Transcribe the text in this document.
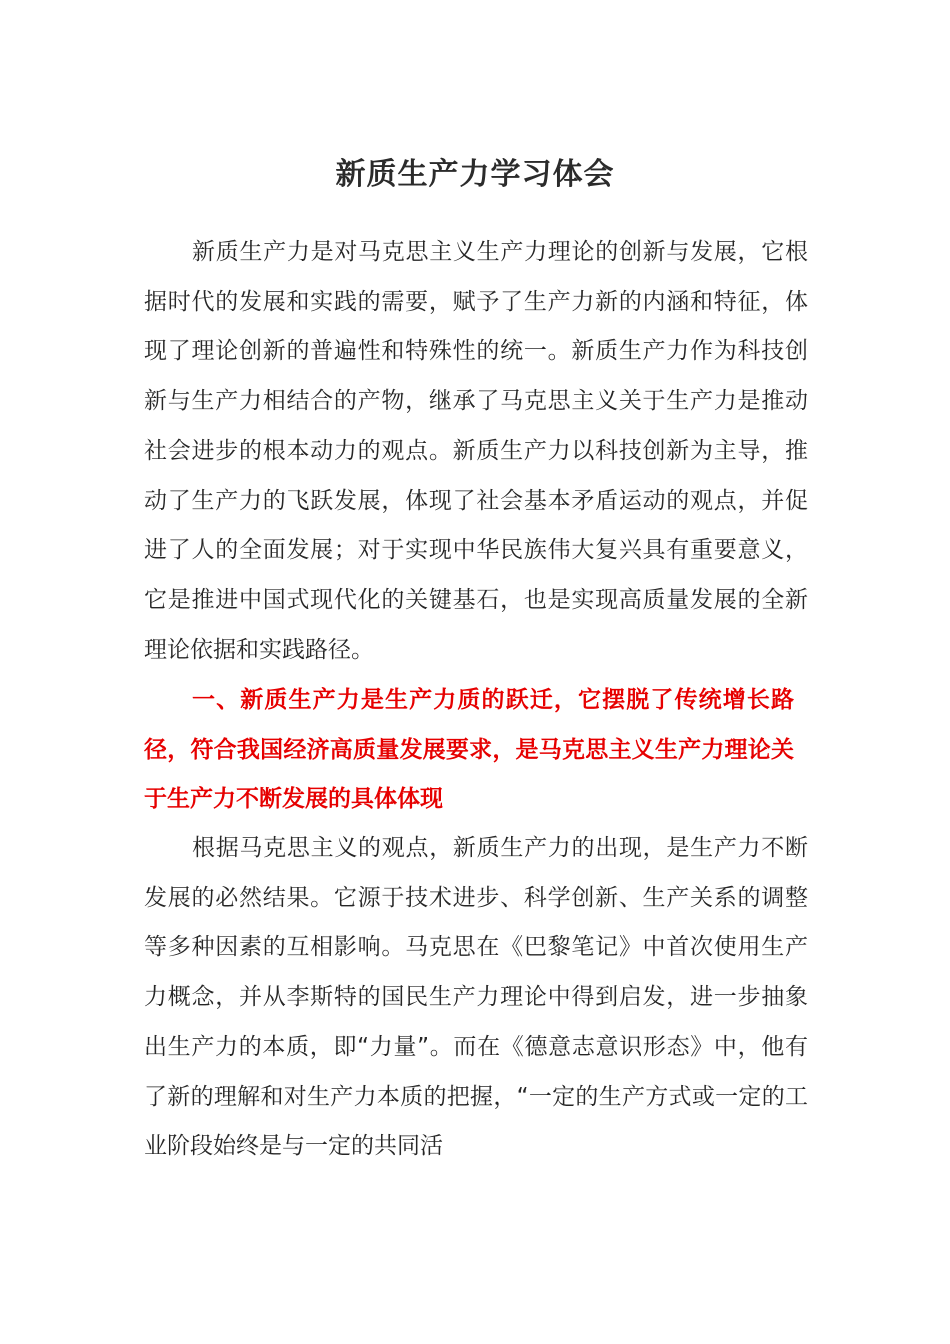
新质生产力学习体会

新质生产力是对马克思主义生产力理论的创新与发展，它根据时代的发展和实践的需要，赋予了生产力新的内涵和特征，体现了理论创新的普遍性和特殊性的统一。新质生产力作为科技创新与生产力相结合的产物，继承了马克思主义关于生产力是推动社会进步的根本动力的观点。新质生产力以科技创新为主导，推动了生产力的飞跃发展，体现了社会基本矛盾运动的观点，并促进了人的全面发展；对于实现中华民族伟大复兴具有重要意义，它是推进中国式现代化的关键基石，也是实现高质量发展的全新理论依据和实践路径。

一、新质生产力是生产力质的跃迁，它摆脱了传统增长路径，符合我国经济高质量发展要求，是马克思主义生产力理论关于生产力不断发展的具体体现

根据马克思主义的观点，新质生产力的出现，是生产力不断发展的必然结果。它源于技术进步、科学创新、生产关系的调整等多种因素的互相影响。马克思在《巴黎笔记》中首次使用生产力概念，并从李斯特的国民生产力理论中得到启发，进一步抽象出生产力的本质，即“力量”。而在《德意志意识形态》中，他有了新的理解和对生产力本质的把握，“一定的生产方式或一定的工业阶段始终是与一定的共同活
